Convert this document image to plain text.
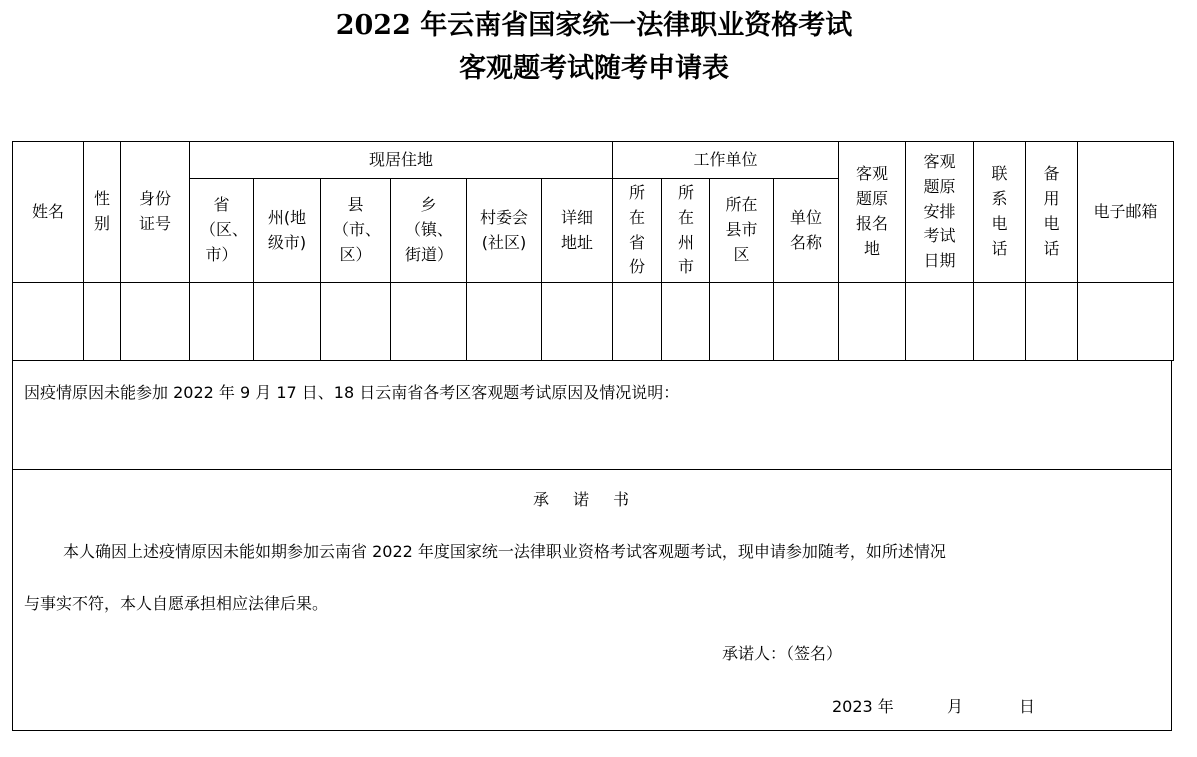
2022 年云南省国家统一法律职业资格考试
客观题考试随考申请表
姓名	性别	身份证号	现居住地						工作单位				客观题原报名地	客观题原安排考试日期	联系电话	备用电话	电子邮箱
			省（区、市）	州(地级市)	县（市、区）	乡（镇、街道）	村委会(社区)	详细地址	所在省份	所在州市	所在县市区	单位名称					

因疫情原因未能参加 2022 年 9 月 17 日、18 日云南省各考区客观题考试原因及情况说明：
承诺书
本人确因上述疫情原因未能如期参加云南省 2022 年度国家统一法律职业资格考试客观题考试，现申请参加随考，如所述情况
与事实不符，本人自愿承担相应法律后果。
承诺人：（签名）
2023 年	月	日
